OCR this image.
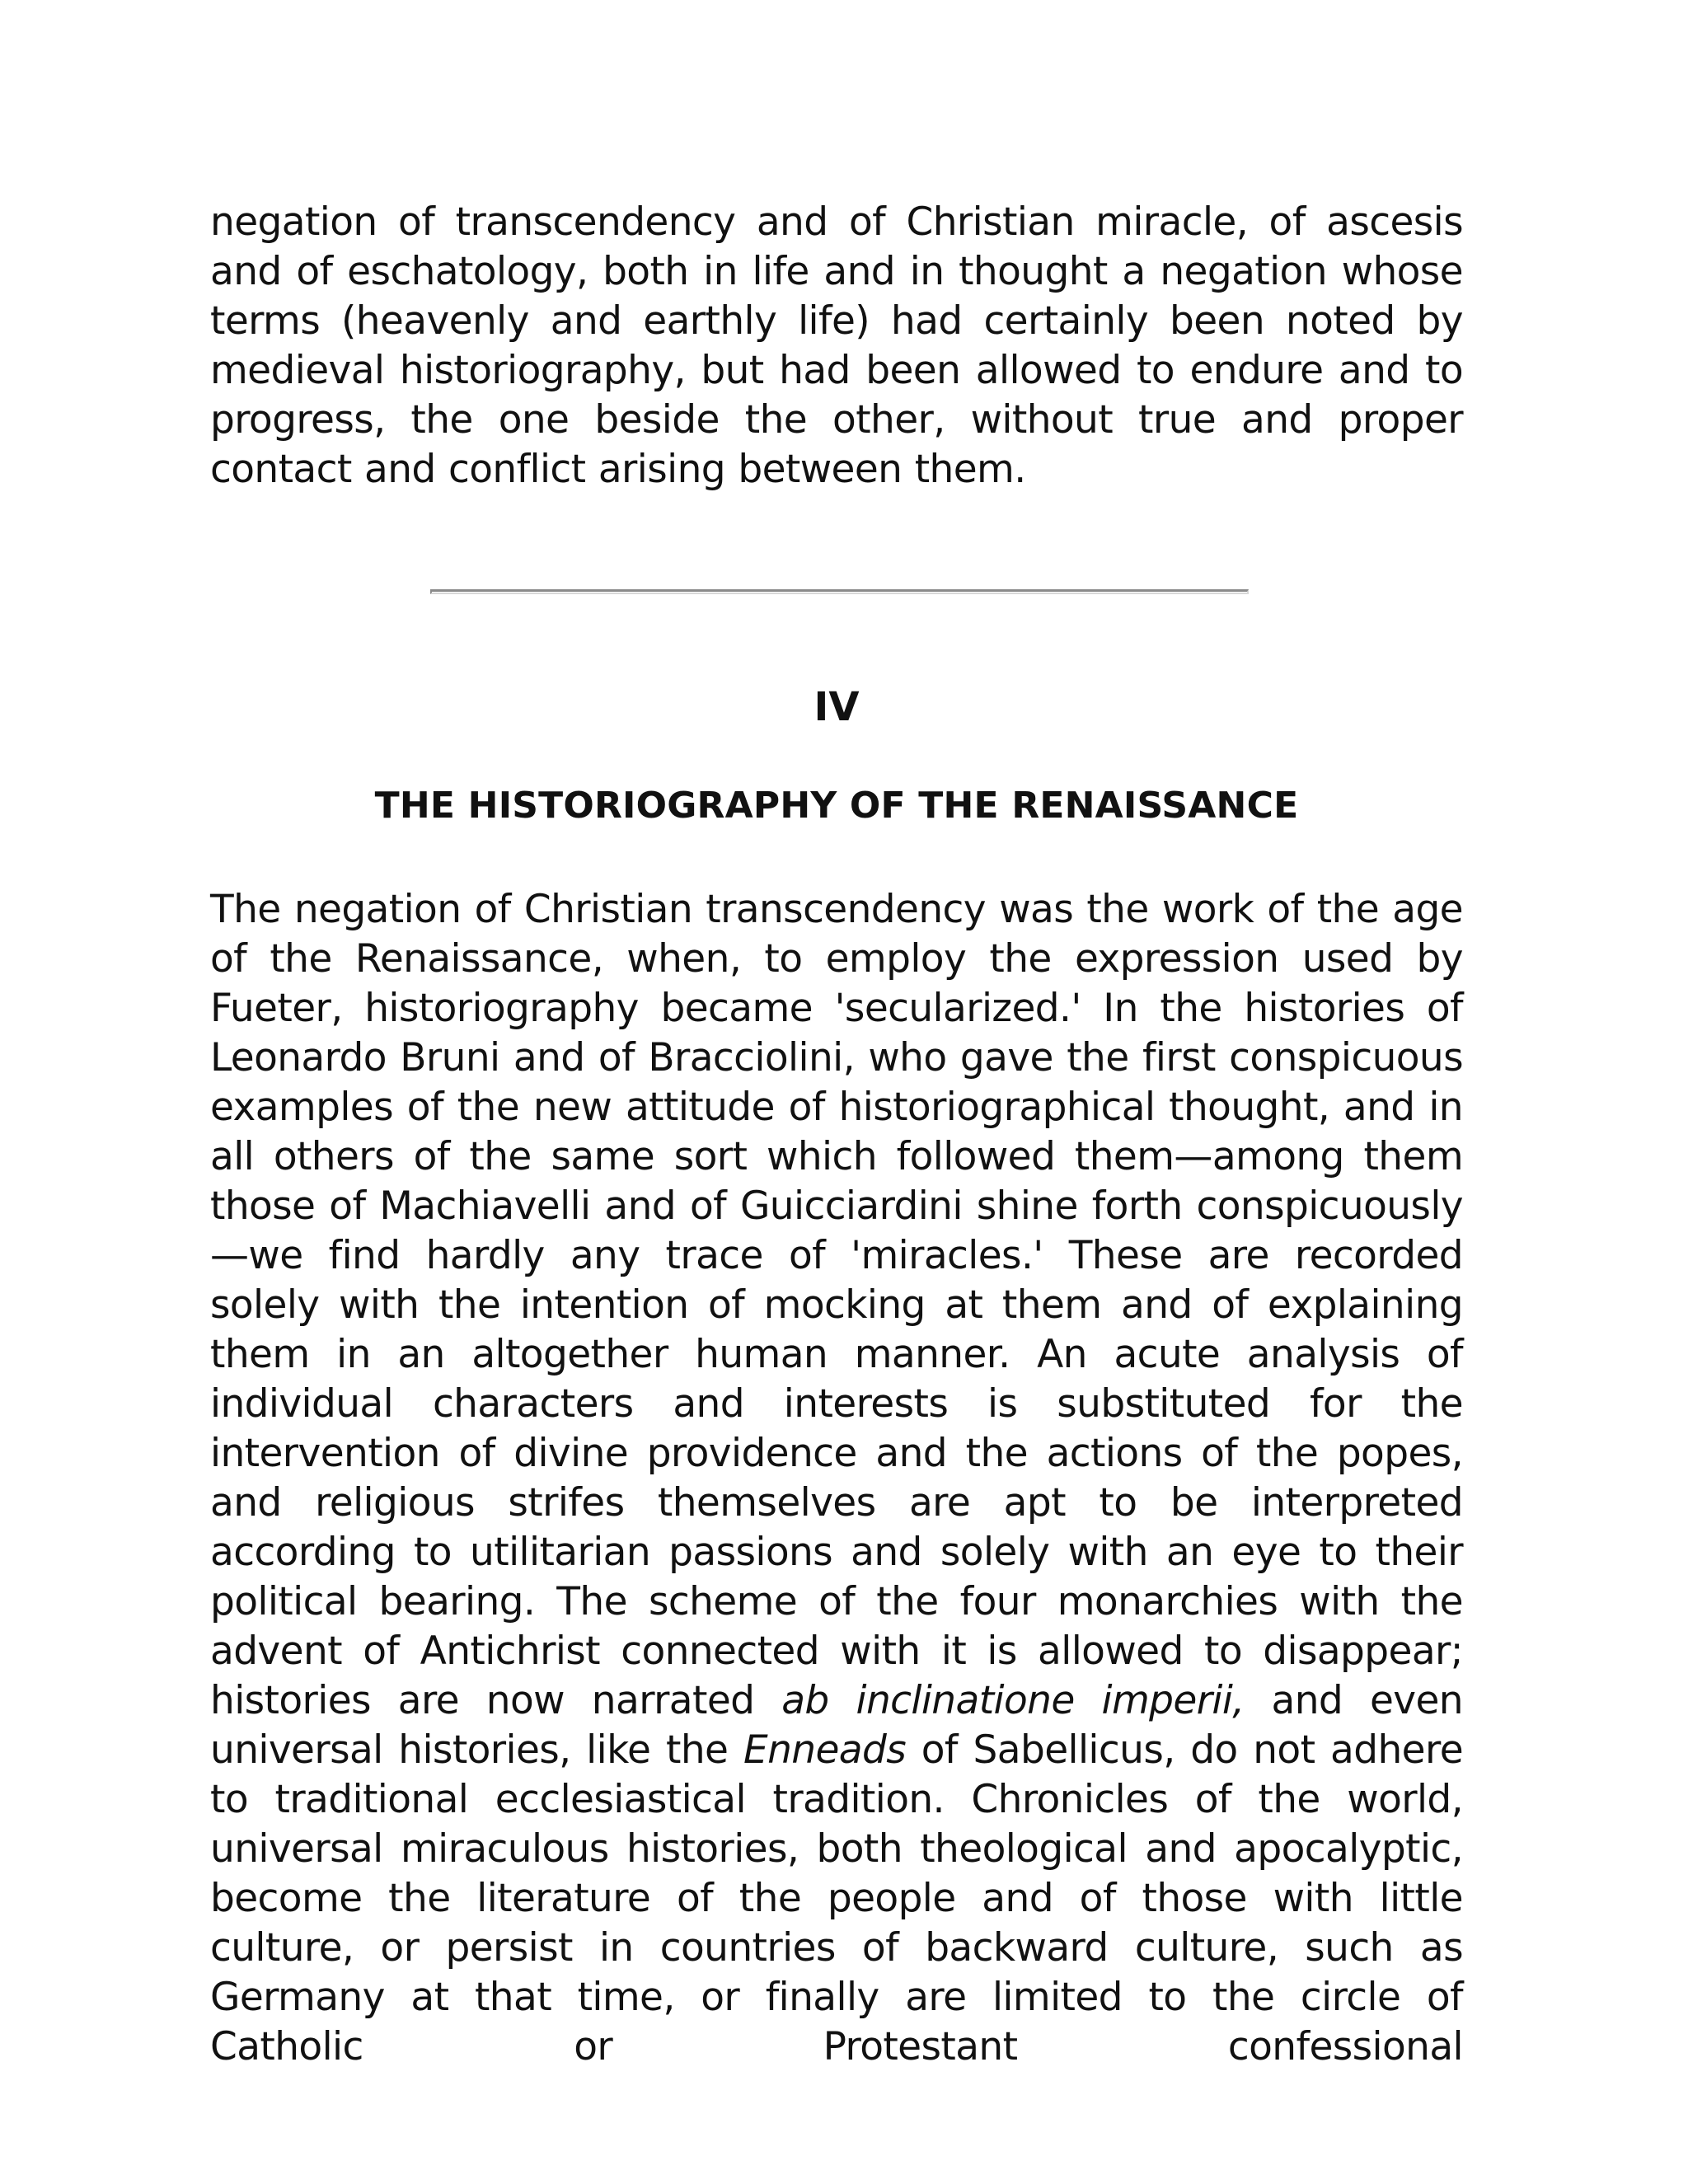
negation of transcendency and of Christian miracle, of ascesis and of eschatology, both in life and in thought a negation whose terms (heavenly and earthly life) had certainly been noted by medieval historiography, but had been allowed to endure and to progress, the one beside the other, without true and proper contact and conflict arising between them.

IV
THE HISTORIOGRAPHY OF THE RENAISSANCE

The negation of Christian transcendency was the work of the age of the Renaissance, when, to employ the expression used by Fueter, historiography became 'secularized.' In the histories of Leonardo Bruni and of Bracciolini, who gave the first conspicuous examples of the new attitude of historiographical thought, and in all others of the same sort which followed them—among them those of Machiavelli and of Guicciardini shine forth conspicuously—we find hardly any trace of 'miracles.' These are recorded solely with the intention of mocking at them and of explaining them in an altogether human manner. An acute analysis of individual characters and interests is substituted for the intervention of divine providence and the actions of the popes, and religious strifes themselves are apt to be interpreted according to utilitarian passions and solely with an eye to their political bearing. The scheme of the four monarchies with the advent of Antichrist connected with it is allowed to disappear; histories are now narrated ab inclinatione imperii, and even universal histories, like the Enneads of Sabellicus, do not adhere to traditional ecclesiastical tradition. Chronicles of the world, universal miraculous histories, both theological and apocalyptic, become the literature of the people and of those with little culture, or persist in countries of backward culture, such as Germany at that time, or finally are limited to the circle of Catholic or Protestant confessional
